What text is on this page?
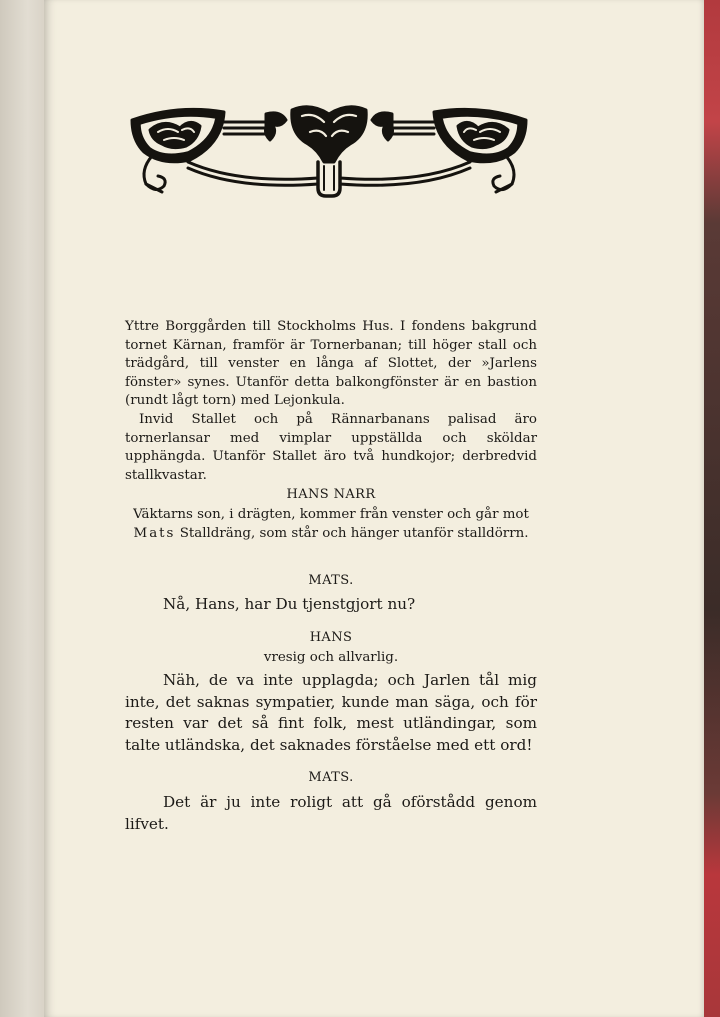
Yttre Borggården till Stockholms Hus. I fondens bakgrund tornet Kärnan, framför är Tornerbanan; till höger stall och trädgård, till venster en långa af Slottet, der »Jarlens fönster» synes. Utanför detta balkongfönster är en bastion (rundt lågt torn) med Lejonkula.

Invid Stallet och på Rännarbanans palisad äro tornerlansar med vimplar uppställda och sköldar upphängda. Utanför Stallet äro två hundkojor; derbredvid stallkvastar.

HANS NARR
Väktarns son, i drägten, kommer från venster och går mot Mats Stalldräng, som står och hänger utanför stalldörrn.
MATS.

Nå, Hans, har Du tjenstgjort nu?

HANS
vresig och allvarlig.

Näh, de va inte upplagda; och Jarlen tål mig inte, det saknas sympatier, kunde man säga, och för resten var det så fint folk, mest utländingar, som talte utländska, det saknades förståelse med ett ord!

MATS.

Det är ju inte roligt att gå oförstådd genom lifvet.
